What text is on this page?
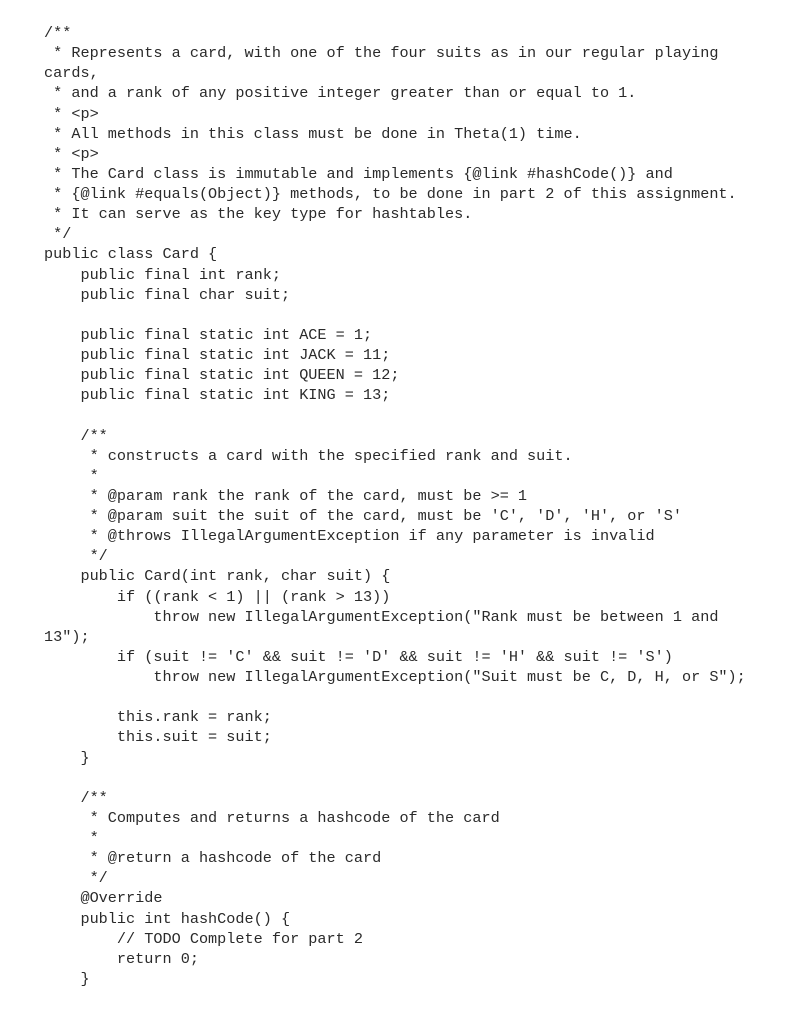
/**
* Represents a card, with one of the four suits as in our regular playing
cards,
* and a rank of any positive integer greater than or equal to 1.
* <p>
* All methods in this class must be done in Theta(1) time.
* <p>
* The Card class is immutable and implements {@link #hashCode()} and
* {@link #equals(Object)} methods, to be done in part 2 of this assignment.
* It can serve as the key type for hashtables.
*/
public class Card {
public final int rank;
public final char suit;
public final static int ACE = 1;
public final static int JACK = 11;
public final static int QUEEN = 12;
public final static int KING = 13;
/**
* constructs a card with the specified rank and suit.
*
* @param rank the rank of the card, must be >= 1
* @param suit the suit of the card, must be 'C', 'D', 'H', or 'S'
* @throws IllegalArgumentException if any parameter is invalid
*/
public Card(int rank, char suit) {
if ((rank < 1) || (rank > 13))
throw new IllegalArgumentException("Rank must be between 1 and
13");
if (suit != 'C' && suit != 'D' && suit != 'H' && suit != 'S')
throw new IllegalArgumentException("Suit must be C, D, H, or S");
this.rank = rank;
this.suit = suit;
}
/**
* Computes and returns a hashcode of the card
*
* @return a hashcode of the card
*/
@Override
public int hashCode() {
// TODO Complete for part 2
return 0;
}
